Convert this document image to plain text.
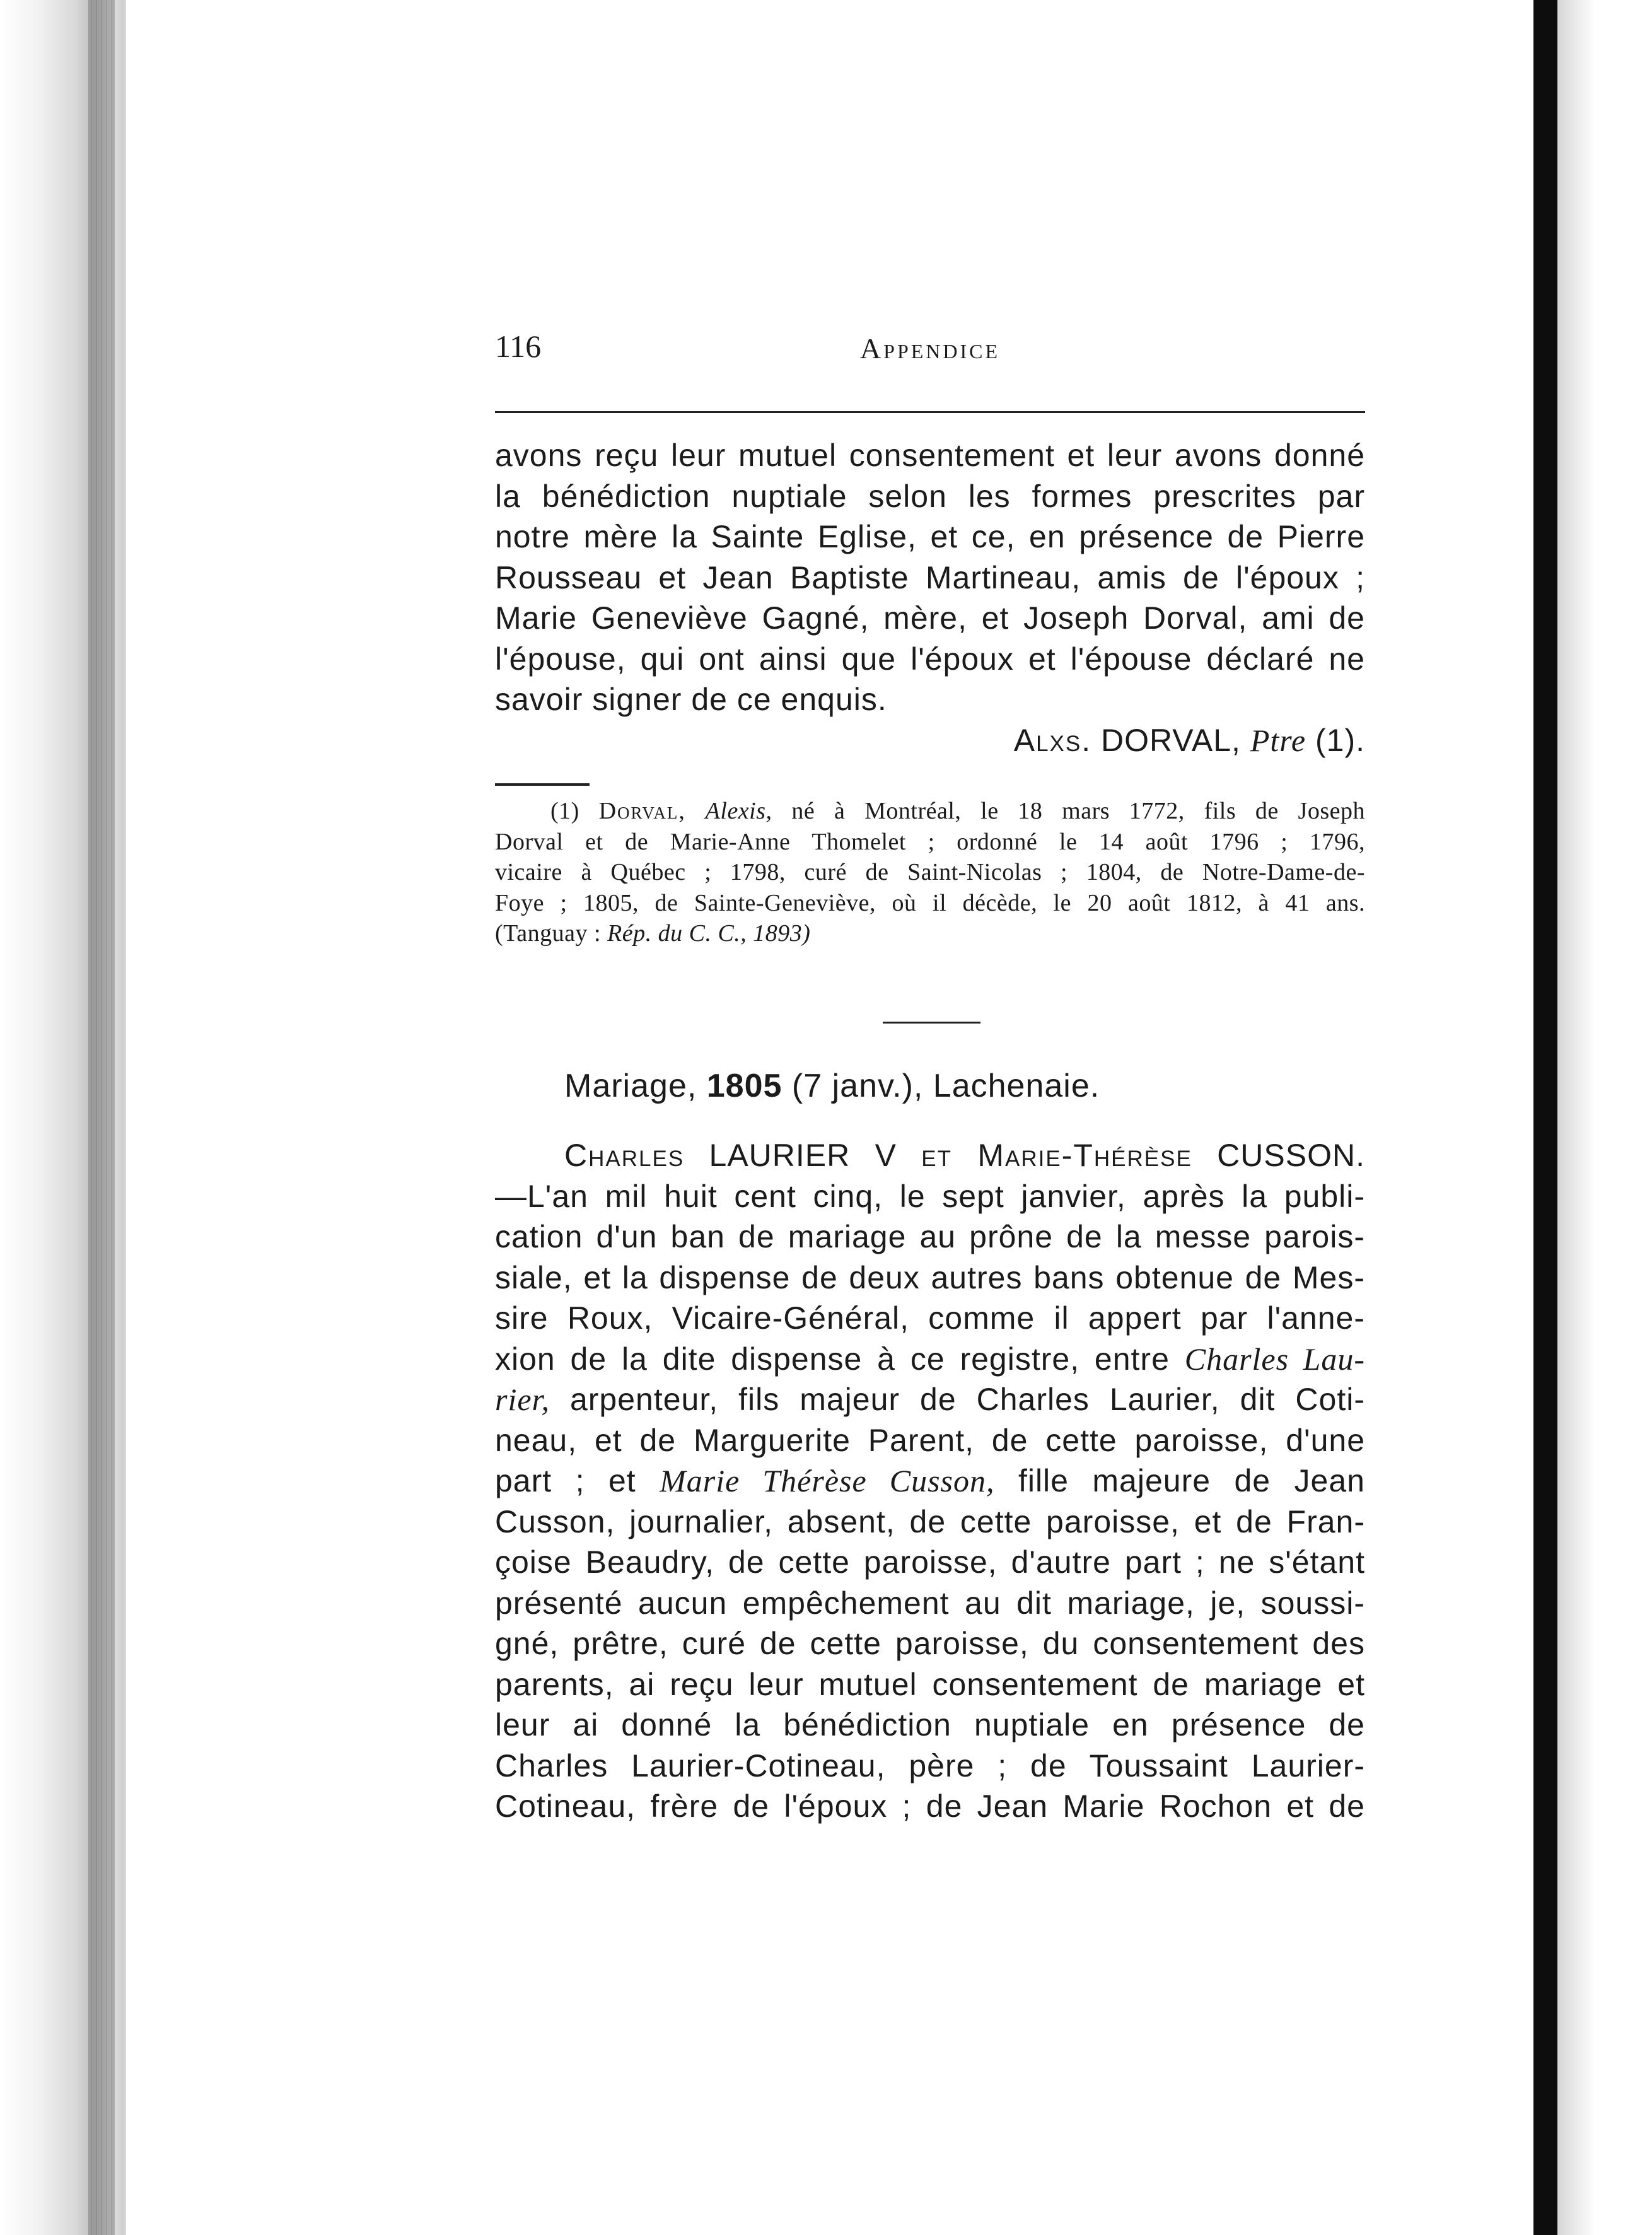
116	Appendice
avons reçu leur mutuel consentement et leur avons donné
la bénédiction nuptiale selon les formes prescrites par
notre mère la Sainte Eglise, et ce, en présence de Pierre
Rousseau et Jean Baptiste Martineau, amis de l'époux ;
Marie Geneviève Gagné, mère, et Joseph Dorval, ami de
l'épouse, qui ont ainsi que l'époux et l'épouse déclaré ne
savoir signer de ce enquis.
Alxs. DORVAL, Ptre (1).
(1) Dorval, Alexis, né à Montréal, le 18 mars 1772, fils de Joseph
Dorval et de Marie-Anne Thomelet ; ordonné le 14 août 1796 ; 1796,
vicaire à Québec ; 1798, curé de Saint-Nicolas ; 1804, de Notre-Dame-de-
Foye ; 1805, de Sainte-Geneviève, où il décède, le 20 août 1812, à 41 ans.
(Tanguay : Rép. du C. C., 1893)
Mariage, 1805 (7 janv.), Lachenaie.
Charles LAURIER V et Marie-Thérèse CUSSON.
—L'an mil huit cent cinq, le sept janvier, après la publi-
cation d'un ban de mariage au prône de la messe parois-
siale, et la dispense de deux autres bans obtenue de Mes-
sire Roux, Vicaire-Général, comme il appert par l'anne-
xion de la dite dispense à ce registre, entre Charles Lau-
rier, arpenteur, fils majeur de Charles Laurier, dit Coti-
neau, et de Marguerite Parent, de cette paroisse, d'une
part ; et Marie Thérèse Cusson, fille majeure de Jean
Cusson, journalier, absent, de cette paroisse, et de Fran-
çoise Beaudry, de cette paroisse, d'autre part ; ne s'étant
présenté aucun empêchement au dit mariage, je, soussi-
gné, prêtre, curé de cette paroisse, du consentement des
parents, ai reçu leur mutuel consentement de mariage et
leur ai donné la bénédiction nuptiale en présence de
Charles Laurier-Cotineau, père ; de Toussaint Laurier-
Cotineau, frère de l'époux ; de Jean Marie Rochon et de
